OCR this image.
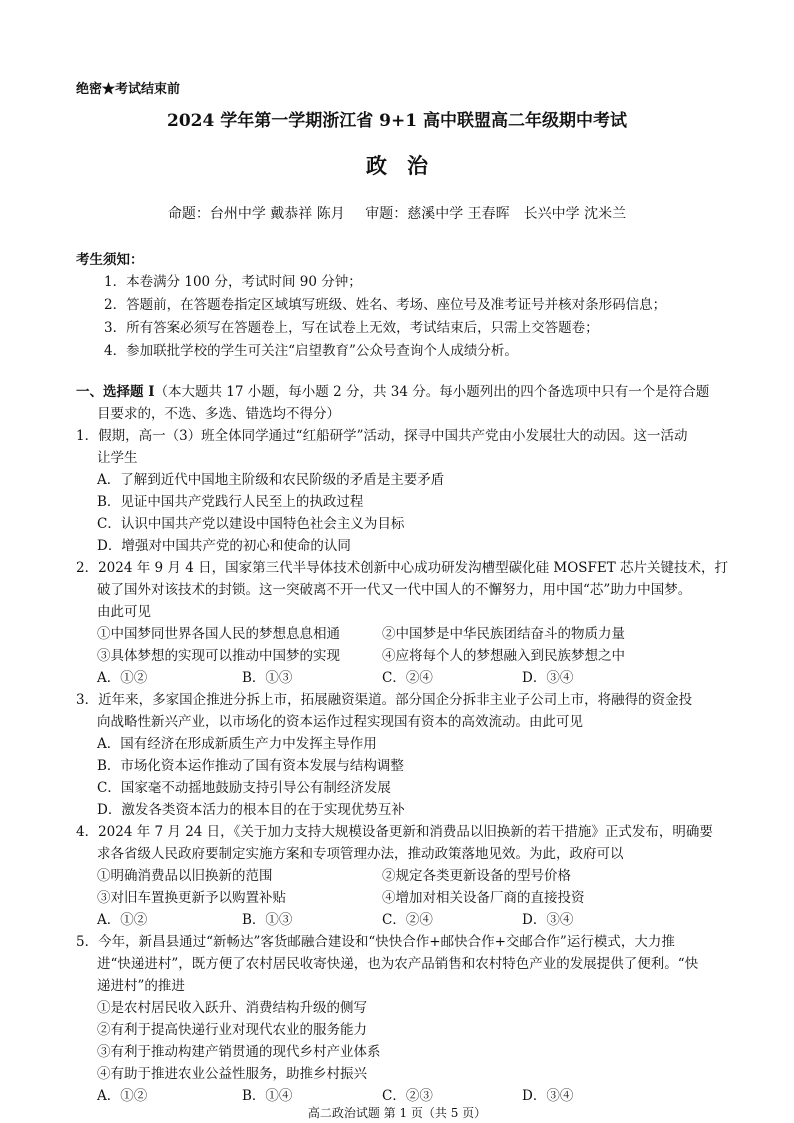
绝密★考试结束前
2024 学年第一学期浙江省 9+1 高中联盟高二年级期中考试
政治
命题：台州中学 戴恭祥 陈月 审题：慈溪中学 王春晖　长兴中学 沈米兰
考生须知：
1．本卷满分 100 分，考试时间 90 分钟；
2．答题前，在答题卷指定区域填写班级、姓名、考场、座位号及准考证号并核对条形码信息；
3．所有答案必须写在答题卷上，写在试卷上无效，考试结束后，只需上交答题卷；
4．参加联批学校的学生可关注“启望教育”公众号查询个人成绩分析。
一、选择题 I（本大题共 17 小题，每小题 2 分，共 34 分。每小题列出的四个备选项中只有一个是符合题
目要求的，不选、多选、错选均不得分）
1．假期，高一（3）班全体同学通过“红船研学”活动，探寻中国共产党由小发展壮大的动因。这一活动
让学生
A．了解到近代中国地主阶级和农民阶级的矛盾是主要矛盾
B．见证中国共产党践行人民至上的执政过程
C．认识中国共产党以建设中国特色社会主义为目标
D．增强对中国共产党的初心和使命的认同
2．2024 年 9 月 4 日，国家第三代半导体技术创新中心成功研发沟槽型碳化硅 MOSFET 芯片关键技术，打
破了国外对该技术的封锁。这一突破离不开一代又一代中国人的不懈努力，用中国“芯”助力中国梦。
由此可见
①中国梦同世界各国人民的梦想息息相通	②中国梦是中华民族团结奋斗的物质力量
③具体梦想的实现可以推动中国梦的实现	④应将每个人的梦想融入到民族梦想之中
A．①②	B．①③	C．②④	D．③④
3．近年来，多家国企推进分拆上市，拓展融资渠道。部分国企分拆非主业子公司上市，将融得的资金投
向战略性新兴产业，以市场化的资本运作过程实现国有资本的高效流动。由此可见
A．国有经济在形成新质生产力中发挥主导作用
B．市场化资本运作推动了国有资本发展与结构调整
C．国家毫不动摇地鼓励支持引导公有制经济发展
D．激发各类资本活力的根本目的在于实现优势互补
4．2024 年 7 月 24 日，《关于加力支持大规模设备更新和消费品以旧换新的若干措施》正式发布，明确要
求各省级人民政府要制定实施方案和专项管理办法，推动政策落地见效。为此，政府可以
①明确消费品以旧换新的范围	②规定各类更新设备的型号价格
③对旧车置换更新予以购置补贴	④增加对相关设备厂商的直接投资
A．①②	B．①③	C．②④	D．③④
5．今年，新昌县通过“新畅达”客货邮融合建设和“快快合作+邮快合作+交邮合作”运行模式，大力推
进“快递进村”，既方便了农村居民收寄快递，也为农产品销售和农村特色产业的发展提供了便利。“快
递进村”的推进
①是农村居民收入跃升、消费结构升级的侧写
②有利于提高快递行业对现代农业的服务能力
③有利于推动构建产销贯通的现代乡村产业体系
④有助于推进农业公益性服务，助推乡村振兴
A．①②	B．①④	C．②③	D．③④
高二政治试题 第 1 页（共 5 页）
